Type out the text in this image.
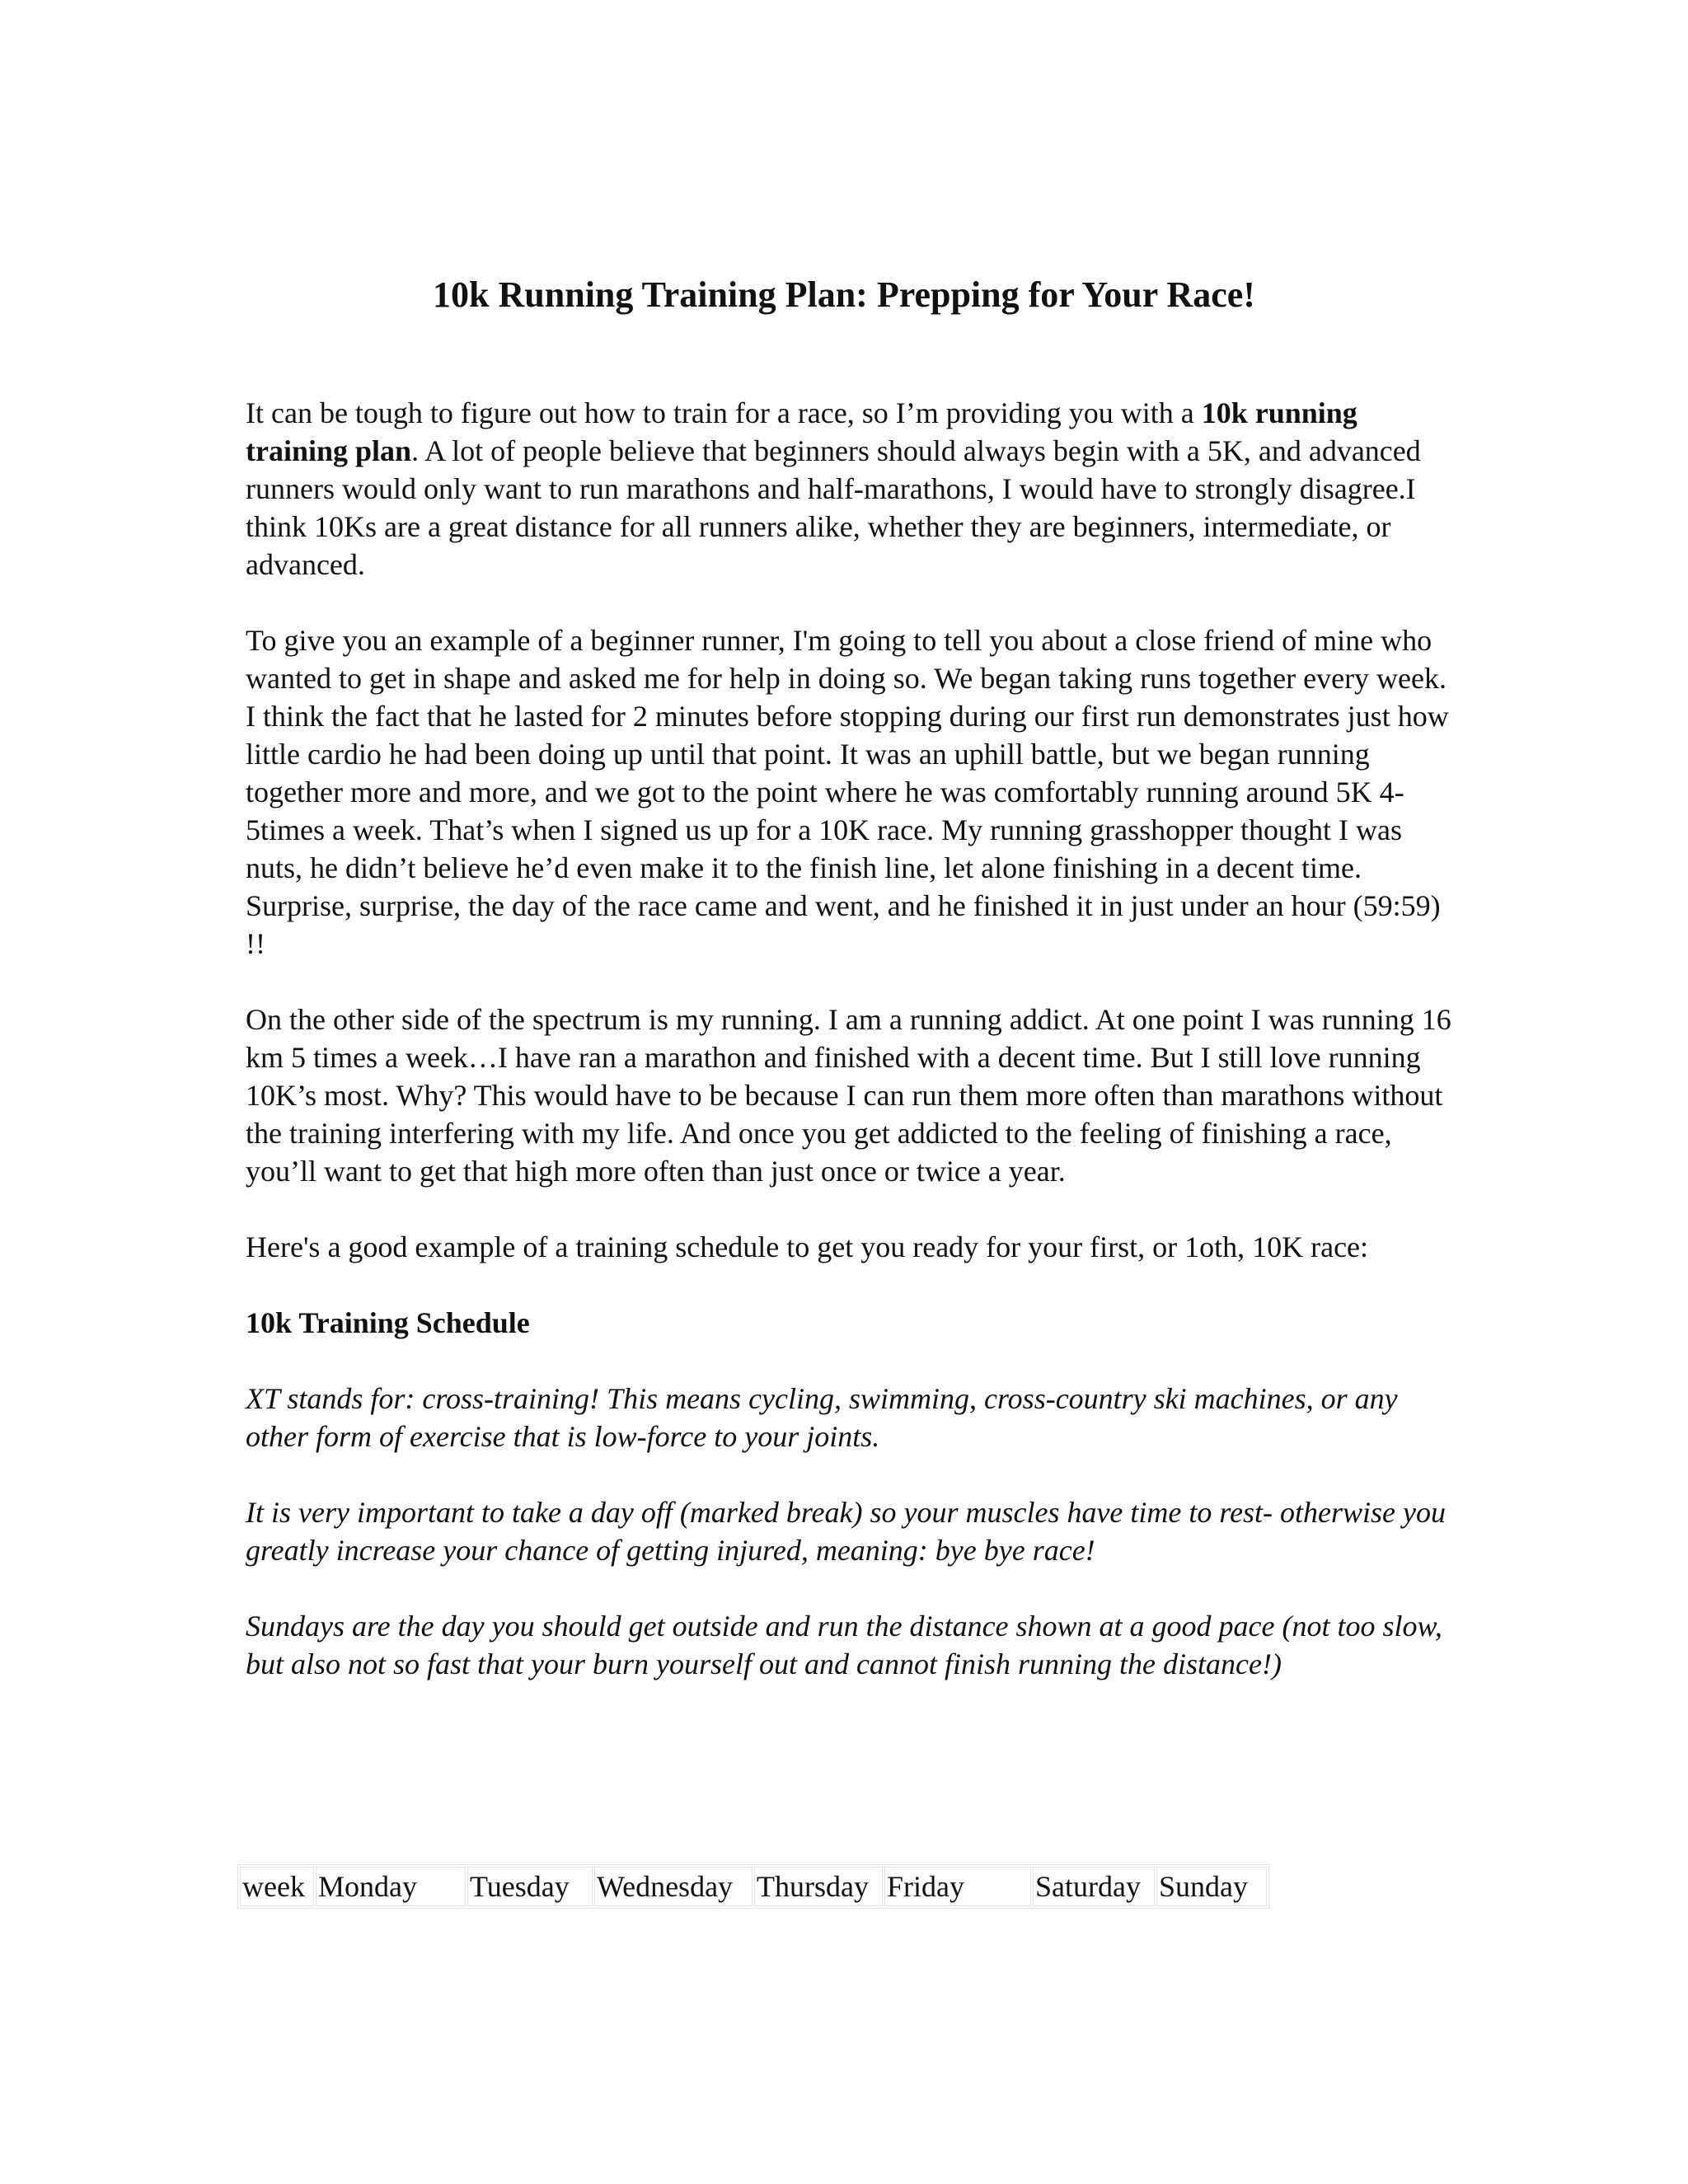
10k Running Training Plan: Prepping for Your Race!

It can be tough to figure out how to train for a race, so I’m providing you with a 10k running training plan. A lot of people believe that beginners should always begin with a 5K, and advanced runners would only want to run marathons and half-marathons, I would have to strongly disagree.I think 10Ks are a great distance for all runners alike, whether they are beginners, intermediate, or advanced.

To give you an example of a beginner runner, I'm going to tell you about a close friend of mine who wanted to get in shape and asked me for help in doing so. We began taking runs together every week. I think the fact that he lasted for 2 minutes before stopping during our first run demonstrates just how little cardio he had been doing up until that point. It was an uphill battle, but we began running together more and more, and we got to the point where he was comfortably running around 5K 4-5times a week. That’s when I signed us up for a 10K race. My running grasshopper thought I was nuts, he didn’t believe he’d even make it to the finish line, let alone finishing in a decent time. Surprise, surprise, the day of the race came and went, and he finished it in just under an hour (59:59) !!

On the other side of the spectrum is my running. I am a running addict. At one point I was running 16 km 5 times a week…I have ran a marathon and finished with a decent time. But I still love running 10K’s most. Why? This would have to be because I can run them more often than marathons without the training interfering with my life. And once you get addicted to the feeling of finishing a race, you’ll want to get that high more often than just once or twice a year.

Here's a good example of a training schedule to get you ready for your first, or 1oth, 10K race:

10k Training Schedule

XT stands for: cross-training! This means cycling, swimming, cross-country ski machines, or any other form of exercise that is low-force to your joints.

It is very important to take a day off (marked break) so your muscles have time to rest- otherwise you greatly increase your chance of getting injured, meaning: bye bye race!

Sundays are the day you should get outside and run the distance shown at a good pace (not too slow, but also not so fast that your burn yourself out and cannot finish running the distance!)

week	Monday	Tuesday	Wednesday	Thursday	Friday	Saturday	Sunday
